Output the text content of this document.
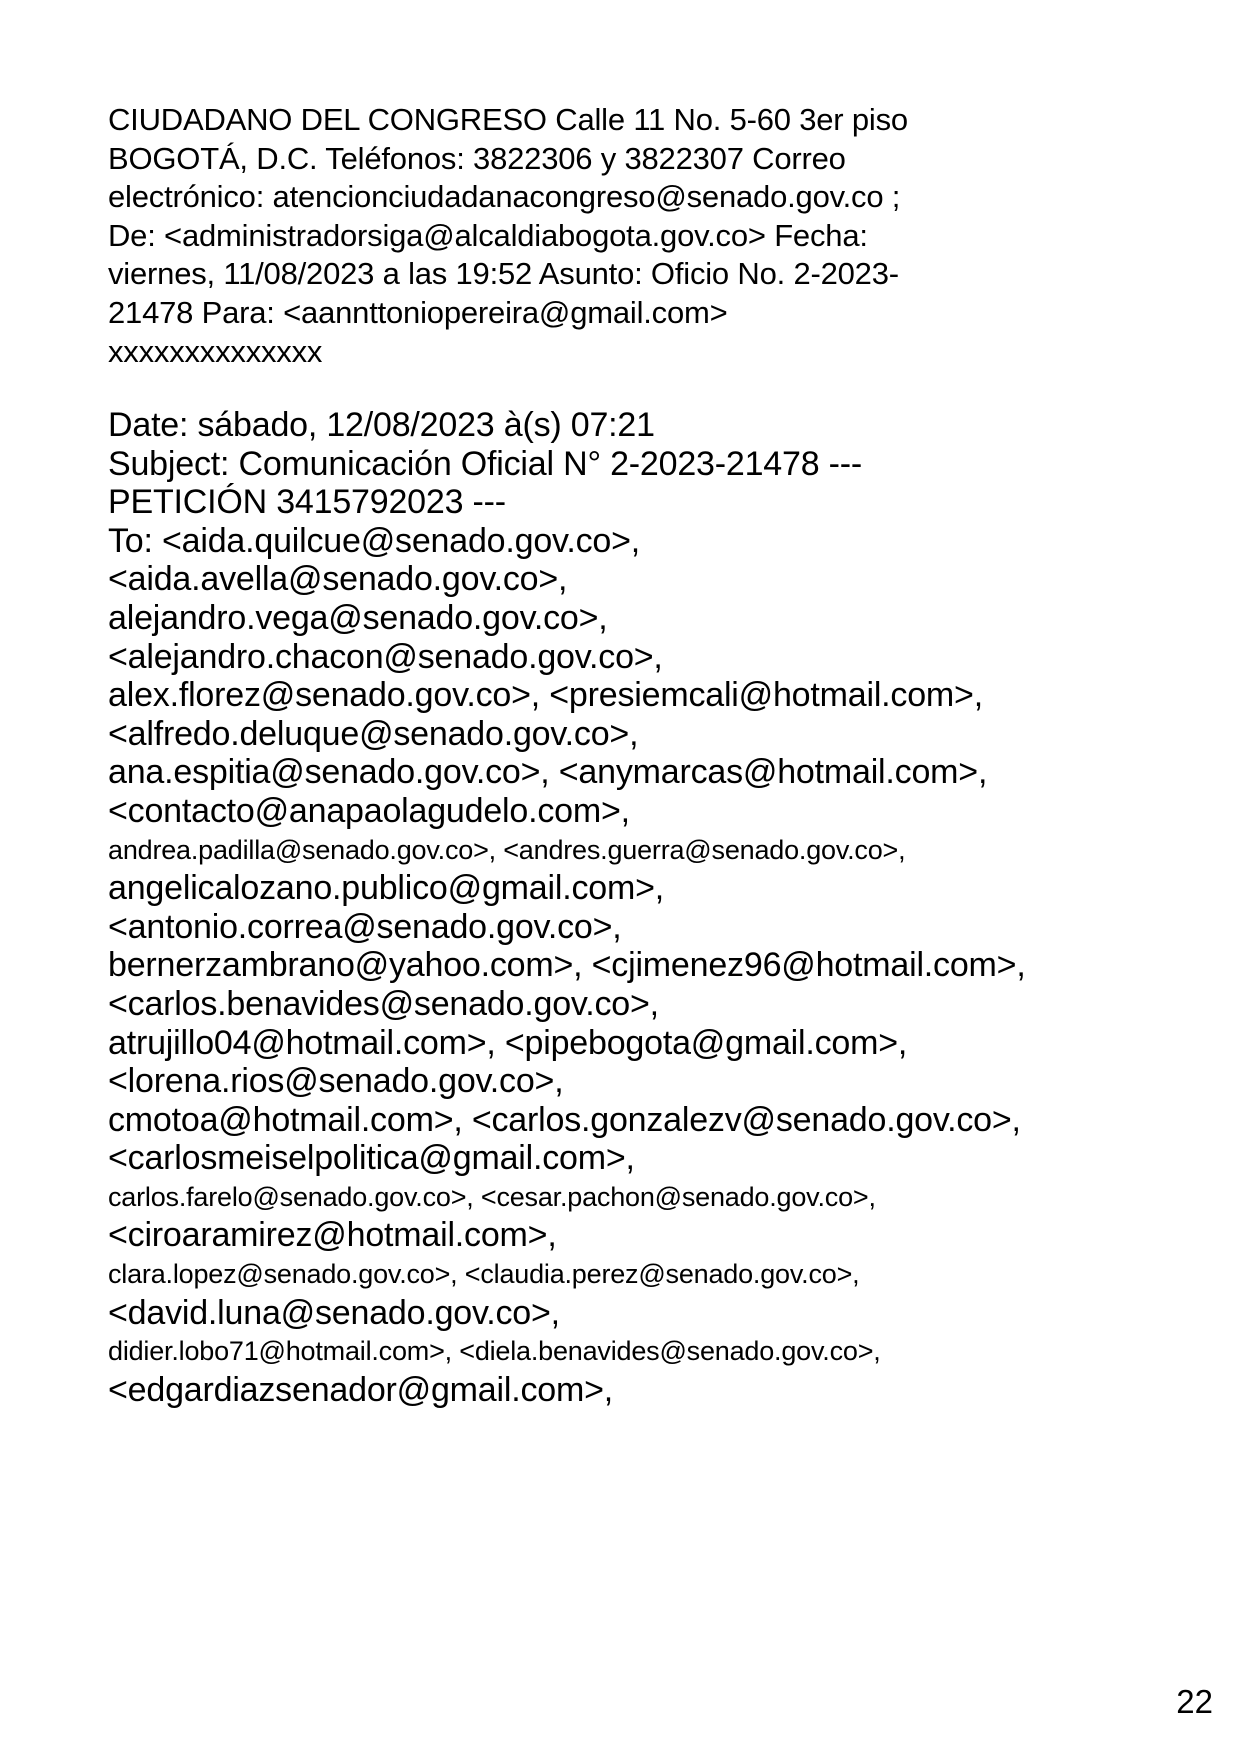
CIUDADANO DEL CONGRESO Calle 11 No. 5-60 3er piso
BOGOTÁ, D.C. Teléfonos: 3822306 y 3822307 Correo
electrónico: atencionciudadanacongreso@senado.gov.co ;
De: <administradorsiga@alcaldiabogota.gov.co> Fecha:
viernes, 11/08/2023 a las 19:52 Asunto: Oficio No. 2-2023-
21478 Para: <aannttoniopereira@gmail.com>
xxxxxxxxxxxxxx
Date: sábado, 12/08/2023 à(s) 07:21
Subject: Comunicación Oficial N° 2-2023-21478 ---
PETICIÓN 3415792023 ---
To: <aida.quilcue@senado.gov.co>,
<aida.avella@senado.gov.co>,
alejandro.vega@senado.gov.co>,
<alejandro.chacon@senado.gov.co>,
alex.florez@senado.gov.co>, <presiemcali@hotmail.com>,
<alfredo.deluque@senado.gov.co>,
ana.espitia@senado.gov.co>, <anymarcas@hotmail.com>,
<contacto@anapaolagudelo.com>,
andrea.padilla@senado.gov.co>, <andres.guerra@senado.gov.co>,
angelicalozano.publico@gmail.com>,
<antonio.correa@senado.gov.co>,
bernerzambrano@yahoo.com>, <cjimenez96@hotmail.com>,
<carlos.benavides@senado.gov.co>,
atrujillo04@hotmail.com>, <pipebogota@gmail.com>,
<lorena.rios@senado.gov.co>,
cmotoa@hotmail.com>, <carlos.gonzalezv@senado.gov.co>,
<carlosmeiselpolitica@gmail.com>,
carlos.farelo@senado.gov.co>, <cesar.pachon@senado.gov.co>,
<ciroaramirez@hotmail.com>,
clara.lopez@senado.gov.co>, <claudia.perez@senado.gov.co>,
<david.luna@senado.gov.co>,
didier.lobo71@hotmail.com>, <diela.benavides@senado.gov.co>,
<edgardiazsenador@gmail.com>,
22
